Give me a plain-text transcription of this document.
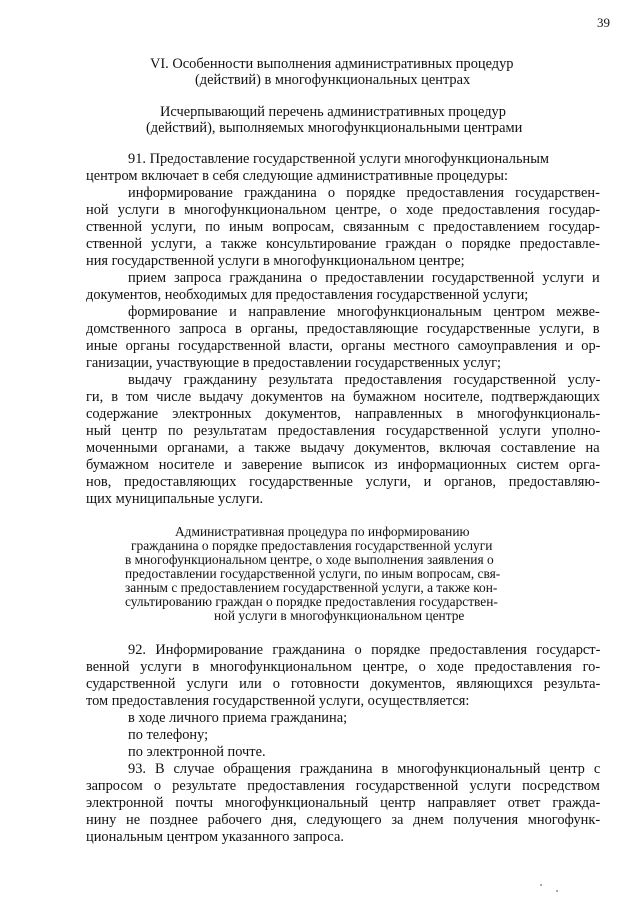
39
VI. Особенности выполнения административных процедур
(действий) в многофункциональных центрах
Исчерпывающий перечень административных процедур
(действий), выполняемых многофункциональными центрами
91. Предоставление государственной услуги многофункциональным
центром включает в себя следующие административные процедуры:
информирование гражданина о порядке предоставления государствен-
ной услуги в многофункциональном центре, о ходе предоставления государ-
ственной услуги, по иным вопросам, связанным с предоставлением государ-
ственной услуги, а также консультирование граждан о порядке предоставле-
ния государственной услуги в многофункциональном центре;
прием запроса гражданина о предоставлении государственной услуги и
документов, необходимых для предоставления государственной услуги;
формирование и направление многофункциональным центром межве-
домственного запроса в органы, предоставляющие государственные услуги, в
иные органы государственной власти, органы местного самоуправления и ор-
ганизации, участвующие в предоставлении государственных услуг;
выдачу гражданину результата предоставления государственной услу-
ги, в том числе выдачу документов на бумажном носителе, подтверждающих
содержание электронных документов, направленных в многофункциональ-
ный центр по результатам предоставления государственной услуги уполно-
моченными органами, а также выдачу документов, включая составление на
бумажном носителе и заверение выписок из информационных систем орга-
нов, предоставляющих государственные услуги, и органов, предоставляю-
щих муниципальные услуги.
Административная процедура по информированию
гражданина о порядке предоставления государственной услуги
в многофункциональном центре, о ходе выполнения заявления о
предоставлении государственной услуги, по иным вопросам, свя-
занным с предоставлением государственной услуги, а также кон-
сультированию граждан о порядке предоставления государствен-
ной услуги в многофункциональном центре
92. Информирование гражданина о порядке предоставления государст-
венной услуги в многофункциональном центре, о ходе предоставления го-
сударственной услуги или о готовности документов, являющихся результа-
том предоставления государственной услуги, осуществляется:
в ходе личного приема гражданина;
по телефону;
по электронной почте.
93. В случае обращения гражданина в многофункциональный центр с
запросом о результате предоставления государственной услуги посредством
электронной почты многофункциональный центр направляет ответ гражда-
нину не позднее рабочего дня, следующего за днем получения многофунк-
циональным центром указанного запроса.
